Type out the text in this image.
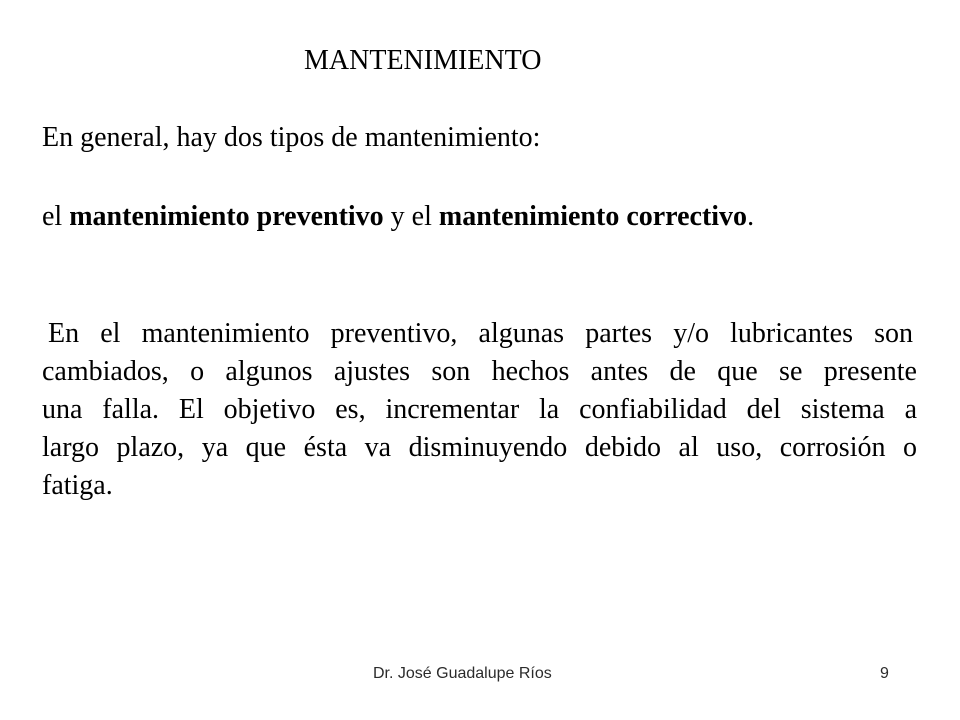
MANTENIMIENTO
En general, hay dos tipos de mantenimiento:
el mantenimiento preventivo y el mantenimiento correctivo.
En el mantenimiento preventivo, algunas partes y/o lubricantes son
cambiados, o algunos ajustes son hechos antes de que se presente
una falla. El objetivo es, incrementar la confiabilidad del sistema a
largo plazo, ya que ésta va disminuyendo debido al uso, corrosión o
fatiga.
Dr. José Guadalupe Ríos	9
